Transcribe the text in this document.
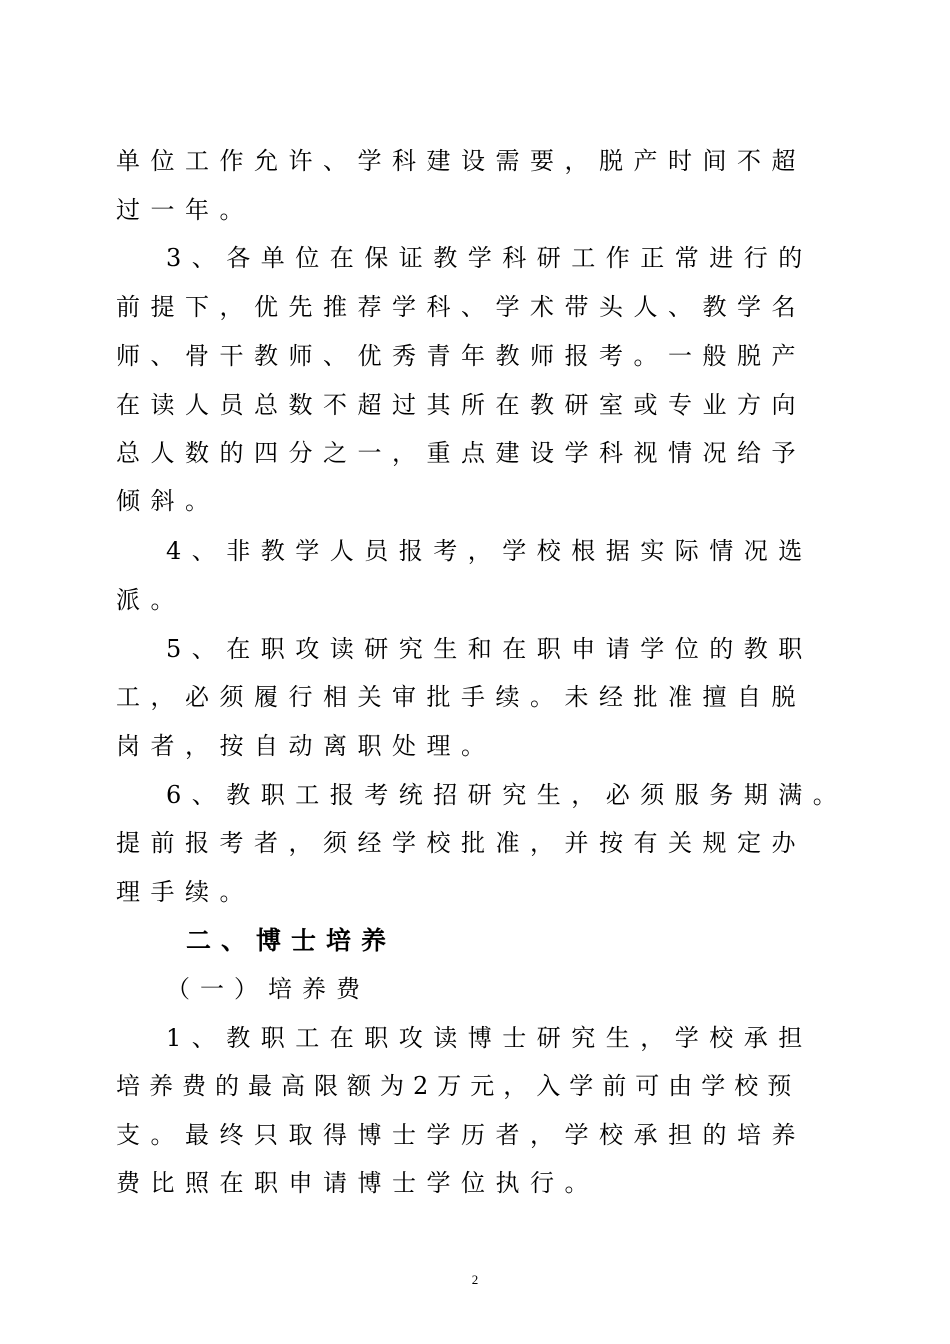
单位工作允许、学科建设需要，脱产时间不超
过一年。
3、各单位在保证教学科研工作正常进行的
前提下，优先推荐学科、学术带头人、教学名
师、骨干教师、优秀青年教师报考。一般脱产
在读人员总数不超过其所在教研室或专业方向
总人数的四分之一，重点建设学科视情况给予
倾斜。
4、非教学人员报考，学校根据实际情况选
派。
5、在职攻读研究生和在职申请学位的教职
工，必须履行相关审批手续。未经批准擅自脱
岗者，按自动离职处理。
6、教职工报考统招研究生，必须服务期满。
提前报考者，须经学校批准，并按有关规定办
理手续。
二、博士培养
（一）培养费
1、教职工在职攻读博士研究生，学校承担
培养费的最高限额为2万元，入学前可由学校预
支。最终只取得博士学历者，学校承担的培养
费比照在职申请博士学位执行。
2
